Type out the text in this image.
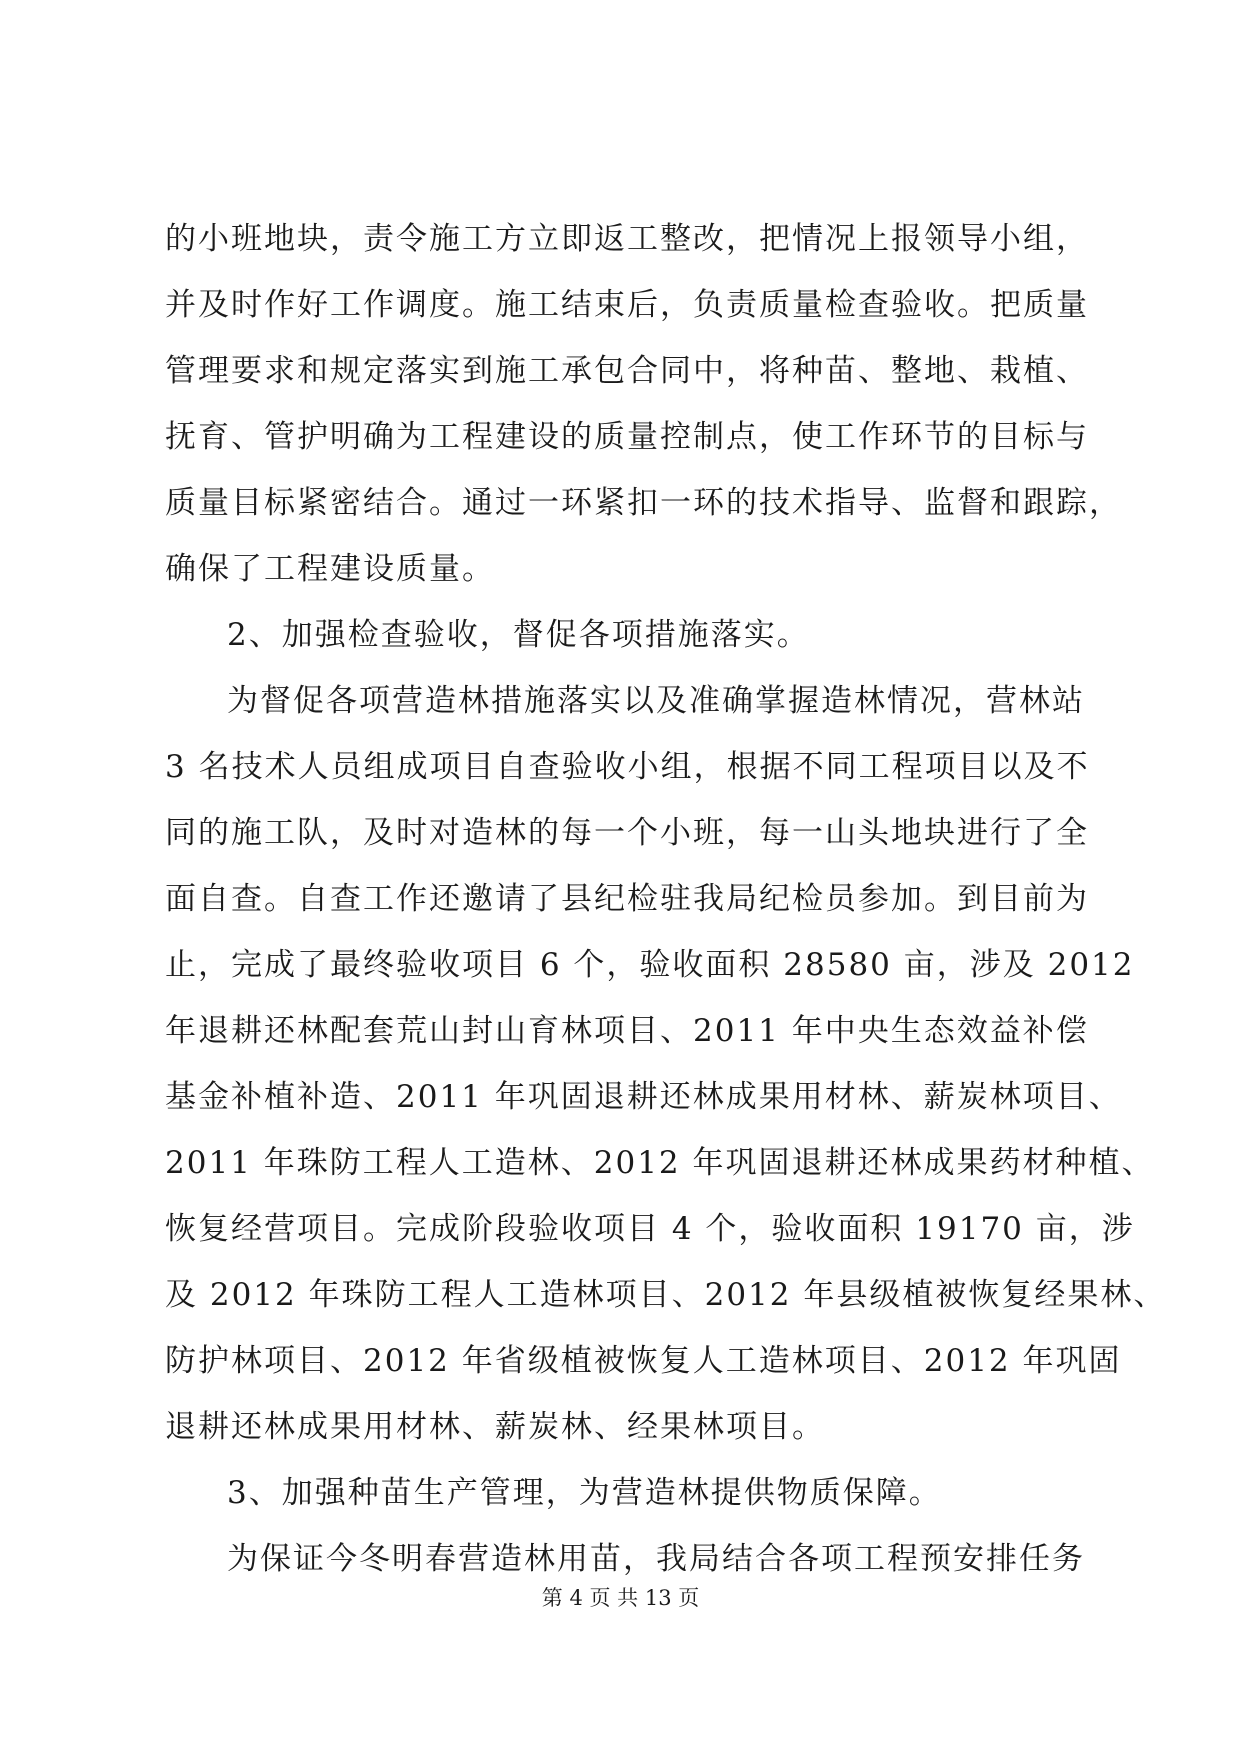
的小班地块，责令施工方立即返工整改，把情况上报领导小组，
并及时作好工作调度。施工结束后，负责质量检查验收。把质量
管理要求和规定落实到施工承包合同中，将种苗、整地、栽植、
抚育、管护明确为工程建设的质量控制点，使工作环节的目标与
质量目标紧密结合。通过一环紧扣一环的技术指导、监督和跟踪，
确保了工程建设质量。
2、加强检查验收，督促各项措施落实。
为督促各项营造林措施落实以及准确掌握造林情况，营林站
3 名技术人员组成项目自查验收小组，根据不同工程项目以及不
同的施工队，及时对造林的每一个小班，每一山头地块进行了全
面自查。自查工作还邀请了县纪检驻我局纪检员参加。到目前为
止，完成了最终验收项目 6 个，验收面积 28580 亩，涉及 2012
年退耕还林配套荒山封山育林项目、2011 年中央生态效益补偿
基金补植补造、2011 年巩固退耕还林成果用材林、薪炭林项目、
2011 年珠防工程人工造林、2012 年巩固退耕还林成果药材种植、
恢复经营项目。完成阶段验收项目 4 个，验收面积 19170 亩，涉
及 2012 年珠防工程人工造林项目、2012 年县级植被恢复经果林、
防护林项目、2012 年省级植被恢复人工造林项目、2012 年巩固
退耕还林成果用材林、薪炭林、经果林项目。
3、加强种苗生产管理，为营造林提供物质保障。
为保证今冬明春营造林用苗，我局结合各项工程预安排任务
第 4 页 共 13 页
